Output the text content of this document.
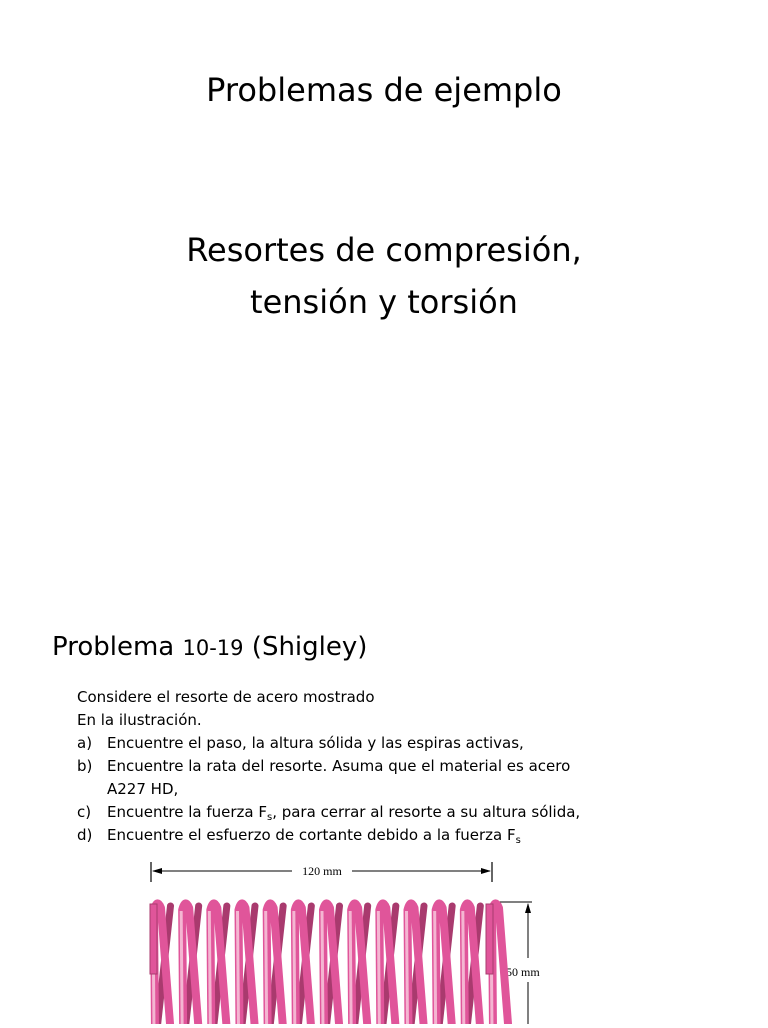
Problemas de ejemplo
Resortes de compresión,
tensión y torsión
Problema 10-19 (Shigley)
Considere el resorte de acero mostrado
En la ilustración.
a) Encuentre el paso, la altura sólida y las espiras activas,
b) Encuentre la rata del resorte. Asuma que el material es acero
A227 HD,
c) Encuentre la fuerza $F_s$, para cerrar al resorte a su altura sólida,
d) Encuentre el esfuerzo de cortante debido a la fuerza $F_s$
120 mm
50 mm
